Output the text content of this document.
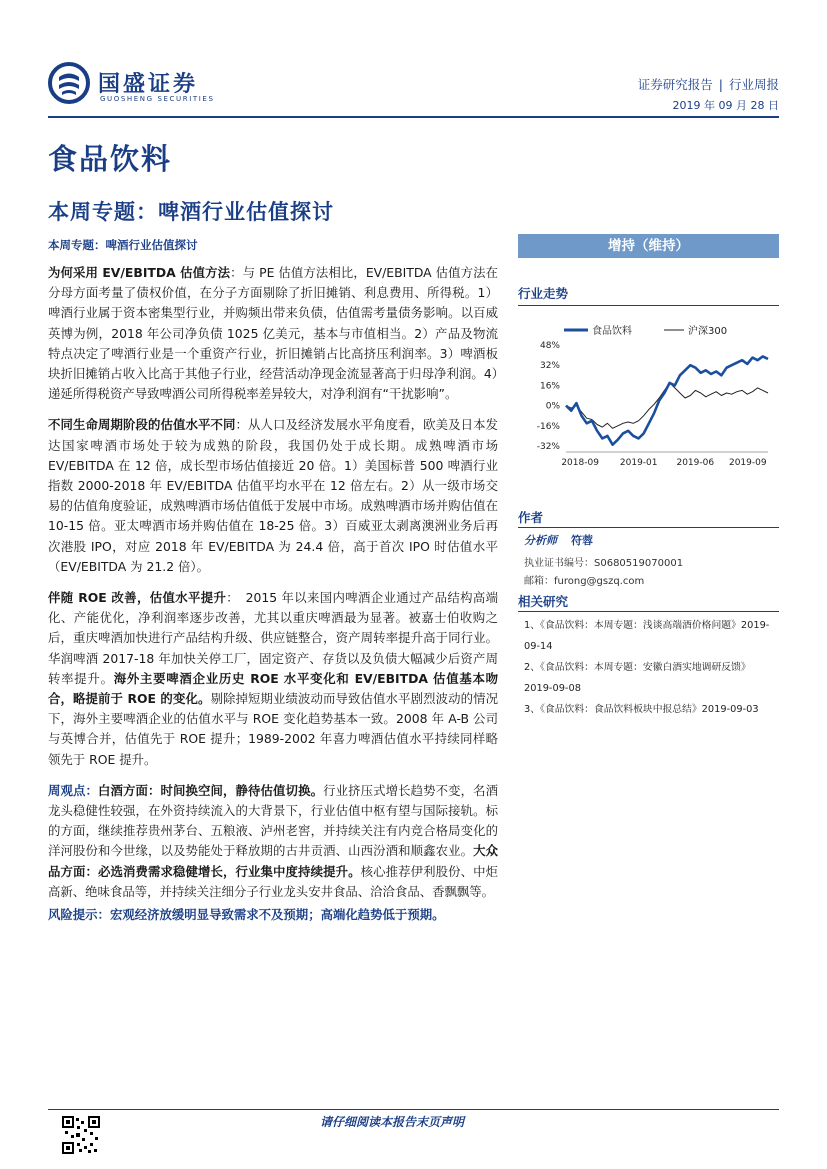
国盛证券
GUOSHENG SECURITIES
证券研究报告 | 行业周报
2019 年 09 月 28 日
食品饮料
本周专题：啤酒行业估值探讨
本周专题：啤酒行业估值探讨

为何采用 EV/EBITDA 估值方法：与 PE 估值方法相比，EV/EBITDA 估值方法在分母方面考量了债权价值，在分子方面剔除了折旧摊销、利息费用、所得税。1）啤酒行业属于资本密集型行业，并购频出带来负债，估值需考量债务影响。以百威英博为例，2018 年公司净负债 1025 亿美元，基本与市值相当。2）产品及物流特点决定了啤酒行业是一个重资产行业，折旧摊销占比高挤压利润率。3）啤酒板块折旧摊销占收入比高于其他子行业，经营活动净现金流显著高于归母净利润。4）递延所得税资产导致啤酒公司所得税率差异较大，对净利润有“干扰影响”。

不同生命周期阶段的估值水平不同：从人口及经济发展水平角度看，欧美及日本发达国家啤酒市场处于较为成熟的阶段，我国仍处于成长期。成熟啤酒市场 EV/EBITDA 在 12 倍，成长型市场估值接近 20 倍。1）美国标普 500 啤酒行业指数 2000-2018 年 EV/EBITDA 估值平均水平在 12 倍左右。2）从一级市场交易的估值角度验证，成熟啤酒市场估值低于发展中市场。成熟啤酒市场并购估值在 10-15 倍。亚太啤酒市场并购估值在 18-25 倍。3）百威亚太剥离澳洲业务后再次港股 IPO，对应 2018 年 EV/EBITDA 为 24.4 倍，高于首次 IPO 时估值水平（EV/EBITDA 为 21.2 倍）。

伴随 ROE 改善，估值水平提升：　2015 年以来国内啤酒企业通过产品结构高端化、产能优化，净利润率逐步改善，尤其以重庆啤酒最为显著。被嘉士伯收购之后，重庆啤酒加快进行产品结构升级、供应链整合，资产周转率提升高于同行业。华润啤酒 2017-18 年加快关停工厂，固定资产、存货以及负债大幅减少后资产周转率提升。海外主要啤酒企业历史 ROE 水平变化和 EV/EBITDA 估值基本吻合，略提前于 ROE 的变化。剔除掉短期业绩波动而导致估值水平剧烈波动的情况下，海外主要啤酒企业的估值水平与 ROE 变化趋势基本一致。2008 年 A-B 公司与英博合并，估值先于 ROE 提升；1989-2002 年喜力啤酒估值水平持续同样略领先于 ROE 提升。

周观点：白酒方面：时间换空间，静待估值切换。行业挤压式增长趋势不变，名酒龙头稳健性较强，在外资持续流入的大背景下，行业估值中枢有望与国际接轨。标的方面，继续推荐贵州茅台、五粮液、泸州老窖，并持续关注有内竞合格局变化的洋河股份和今世缘，以及势能处于释放期的古井贡酒、山西汾酒和顺鑫农业。大众品方面：必选消费需求稳健增长，行业集中度持续提升。核心推荐伊利股份、中炬高新、绝味食品等，并持续关注细分子行业龙头安井食品、洽洽食品、香飘飘等。

风险提示：宏观经济放缓明显导致需求不及预期；高端化趋势低于预期。
增持（维持）
行业走势
食品饮料	沪深300
48%
32%
16%
0%
-16%
-32%
2018-09 2019-01 2019-06 2019-09
作者
分析师 符蓉
执业证书编号：S0680519070001
邮箱：furong@gszq.com
相关研究
1、《食品饮料：本周专题：浅谈高端酒价格问题》2019-09-14
2、《食品饮料：本周专题：安徽白酒实地调研反馈》2019-09-08
3、《食品饮料：食品饮料板块中报总结》2019-09-03
请仔细阅读本报告末页声明
